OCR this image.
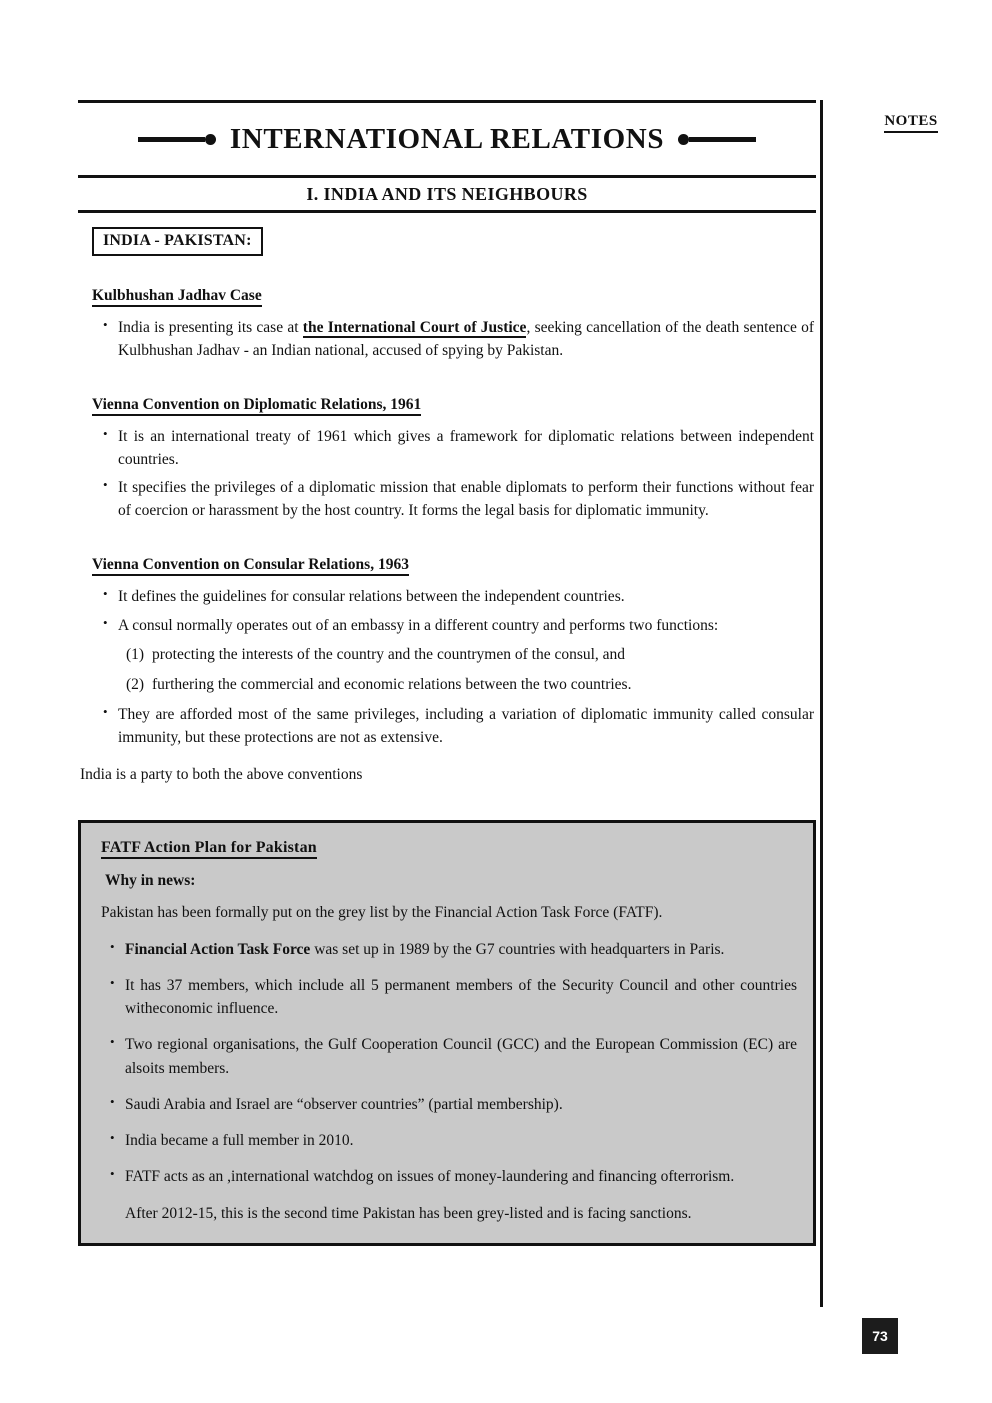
NOTES
INTERNATIONAL RELATIONS
I. INDIA AND ITS NEIGHBOURS
INDIA - PAKISTAN:
Kulbhushan Jadhav Case
• India is presenting its case at the International Court of Justice, seeking cancellation of the death sentence of Kulbhushan Jadhav - an Indian national, accused of spying by Pakistan.
Vienna Convention on Diplomatic Relations, 1961
• It is an international treaty of 1961 which gives a framework for diplomatic relations between independent countries.
• It specifies the privileges of a diplomatic mission that enable diplomats to perform their functions without fear of coercion or harassment by the host country. It forms the legal basis for diplomatic immunity.
Vienna Convention on Consular Relations, 1963
• It defines the guidelines for consular relations between the independent countries.
• A consul normally operates out of an embassy in a different country and performs two functions:
(1) protecting the interests of the country and the countrymen of the consul, and
(2) furthering the commercial and economic relations between the two countries.
• They are afforded most of the same privileges, including a variation of diplomatic immunity called consular immunity, but these protections are not as extensive.
India is a party to both the above conventions
FATF Action Plan for Pakistan
Why in news:
Pakistan has been formally put on the grey list by the Financial Action Task Force (FATF).
• Financial Action Task Force was set up in 1989 by the G7 countries with headquarters in Paris.
• It has 37 members, which include all 5 permanent members of the Security Council and other countries witheconomic influence.
• Two regional organisations, the Gulf Cooperation Council (GCC) and the European Commission (EC) are alsoits members.
• Saudi Arabia and Israel are “observer countries” (partial membership).
• India became a full member in 2010.
• FATF acts as an ,international watchdog on issues of money-laundering and financing ofterrorism.
After 2012-15, this is the second time Pakistan has been grey-listed and is facing sanctions.
73
